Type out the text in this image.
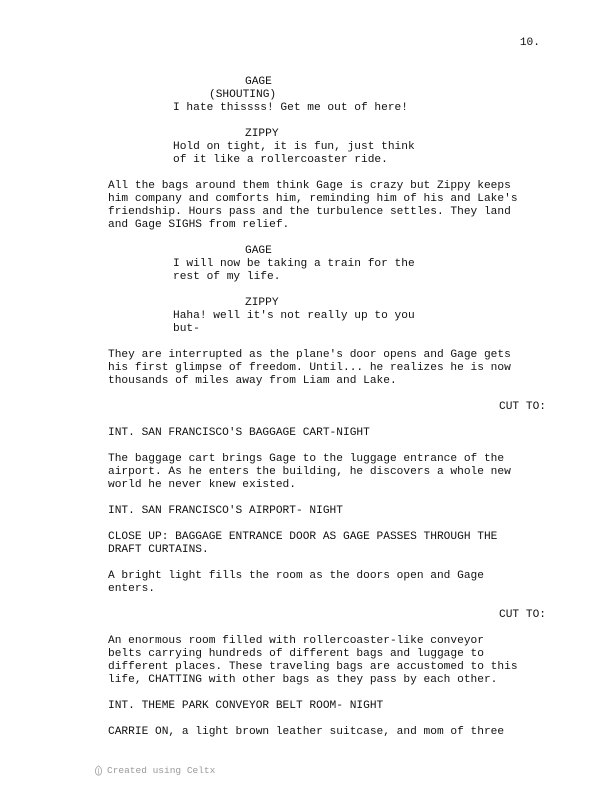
10.
GAGE
(SHOUTING)
I hate thissss! Get me out of here!
ZIPPY
Hold on tight, it is fun, just think
of it like a rollercoaster ride.
All the bags around them think Gage is crazy but Zippy keeps
him company and comforts him, reminding him of his and Lake's
friendship. Hours pass and the turbulence settles. They land
and Gage SIGHS from relief.
GAGE
I will now be taking a train for the
rest of my life.
ZIPPY
Haha! well it's not really up to you
but-
They are interrupted as the plane's door opens and Gage gets
his first glimpse of freedom. Until... he realizes he is now
thousands of miles away from Liam and Lake.
CUT TO:
INT. SAN FRANCISCO'S BAGGAGE CART-NIGHT
The baggage cart brings Gage to the luggage entrance of the
airport. As he enters the building, he discovers a whole new
world he never knew existed.
INT. SAN FRANCISCO'S AIRPORT- NIGHT
CLOSE UP: BAGGAGE ENTRANCE DOOR AS GAGE PASSES THROUGH THE
DRAFT CURTAINS.
A bright light fills the room as the doors open and Gage
enters.
CUT TO:
An enormous room filled with rollercoaster-like conveyor
belts carrying hundreds of different bags and luggage to
different places. These traveling bags are accustomed to this
life, CHATTING with other bags as they pass by each other.
INT. THEME PARK CONVEYOR BELT ROOM- NIGHT
CARRIE ON, a light brown leather suitcase, and mom of three
Created using Celtx
